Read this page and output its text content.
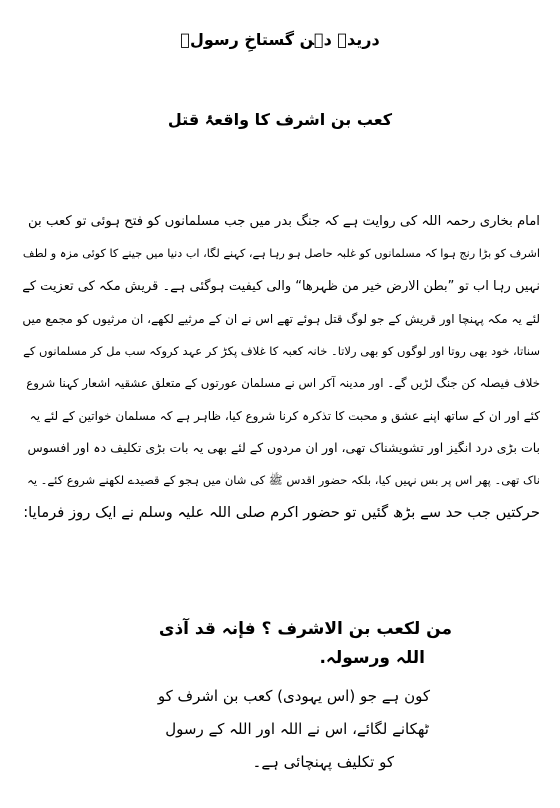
دریدہ دہن گستاخِ رسولؐ
کعب بن اشرف کا واقعۂ قتل
امام بخاری رحمہ اللہ کی روایت ہے کہ جنگ بدر میں جب مسلمانوں کو فتح ہوئی تو کعب بن
اشرف کو بڑا رنج ہوا کہ مسلمانوں کو غلبہ حاصل ہو رہا ہے، کہنے لگا، اب دنیا میں جینے کا کوئی مزہ و لطف
نہیں رہا اب تو ”بطن الارض خیر من ظہرھا“ والی کیفیت ہوگئی ہے۔ قریش مکہ کی تعزیت کے
لئے یہ مکہ پہنچا اور قریش کے جو لوگ قتل ہوئے تھے اس نے ان کے مرثیے لکھے، ان مرثیوں کو مجمع میں
سناتا، خود بھی روتا اور لوگوں کو بھی رلاتا۔ خانہ کعبہ کا غلاف پکڑ کر عہد کروکہ سب مل کر مسلمانوں کے
خلاف فیصلہ کن جنگ لڑیں گے۔ اور مدینہ آکر اس نے مسلمان عورتوں کے متعلق عشقیہ اشعار کہنا شروع
کئے اور ان کے ساتھ اپنے عشق و محبت کا تذکرہ کرنا شروع کیا، ظاہر ہے کہ مسلمان خواتین کے لئے یہ
بات بڑی درد انگیز اور تشویشناک تھی، اور ان مردوں کے لئے بھی یہ بات بڑی تکلیف دہ اور افسوس
ناک تھی۔ پھر اس پر بس نہیں کیا، بلکہ حضور اقدس ﷺ کی شان میں ہجو کے قصیدے لکھنے شروع کئے۔ یہ
حرکتیں جب حد سے بڑھ گئیں تو حضور اکرم صلی اللہ علیہ وسلم نے ایک روز فرمایا:
من لکعب بن الاشرف ؟ فإنہ قد آذی
اللہ ورسولہ.
کون ہے جو (اس یہودی) کعب بن اشرف کو
ٹھکانے لگائے، اس نے اللہ اور اللہ کے رسول
کو تکلیف پہنچائی ہے۔
